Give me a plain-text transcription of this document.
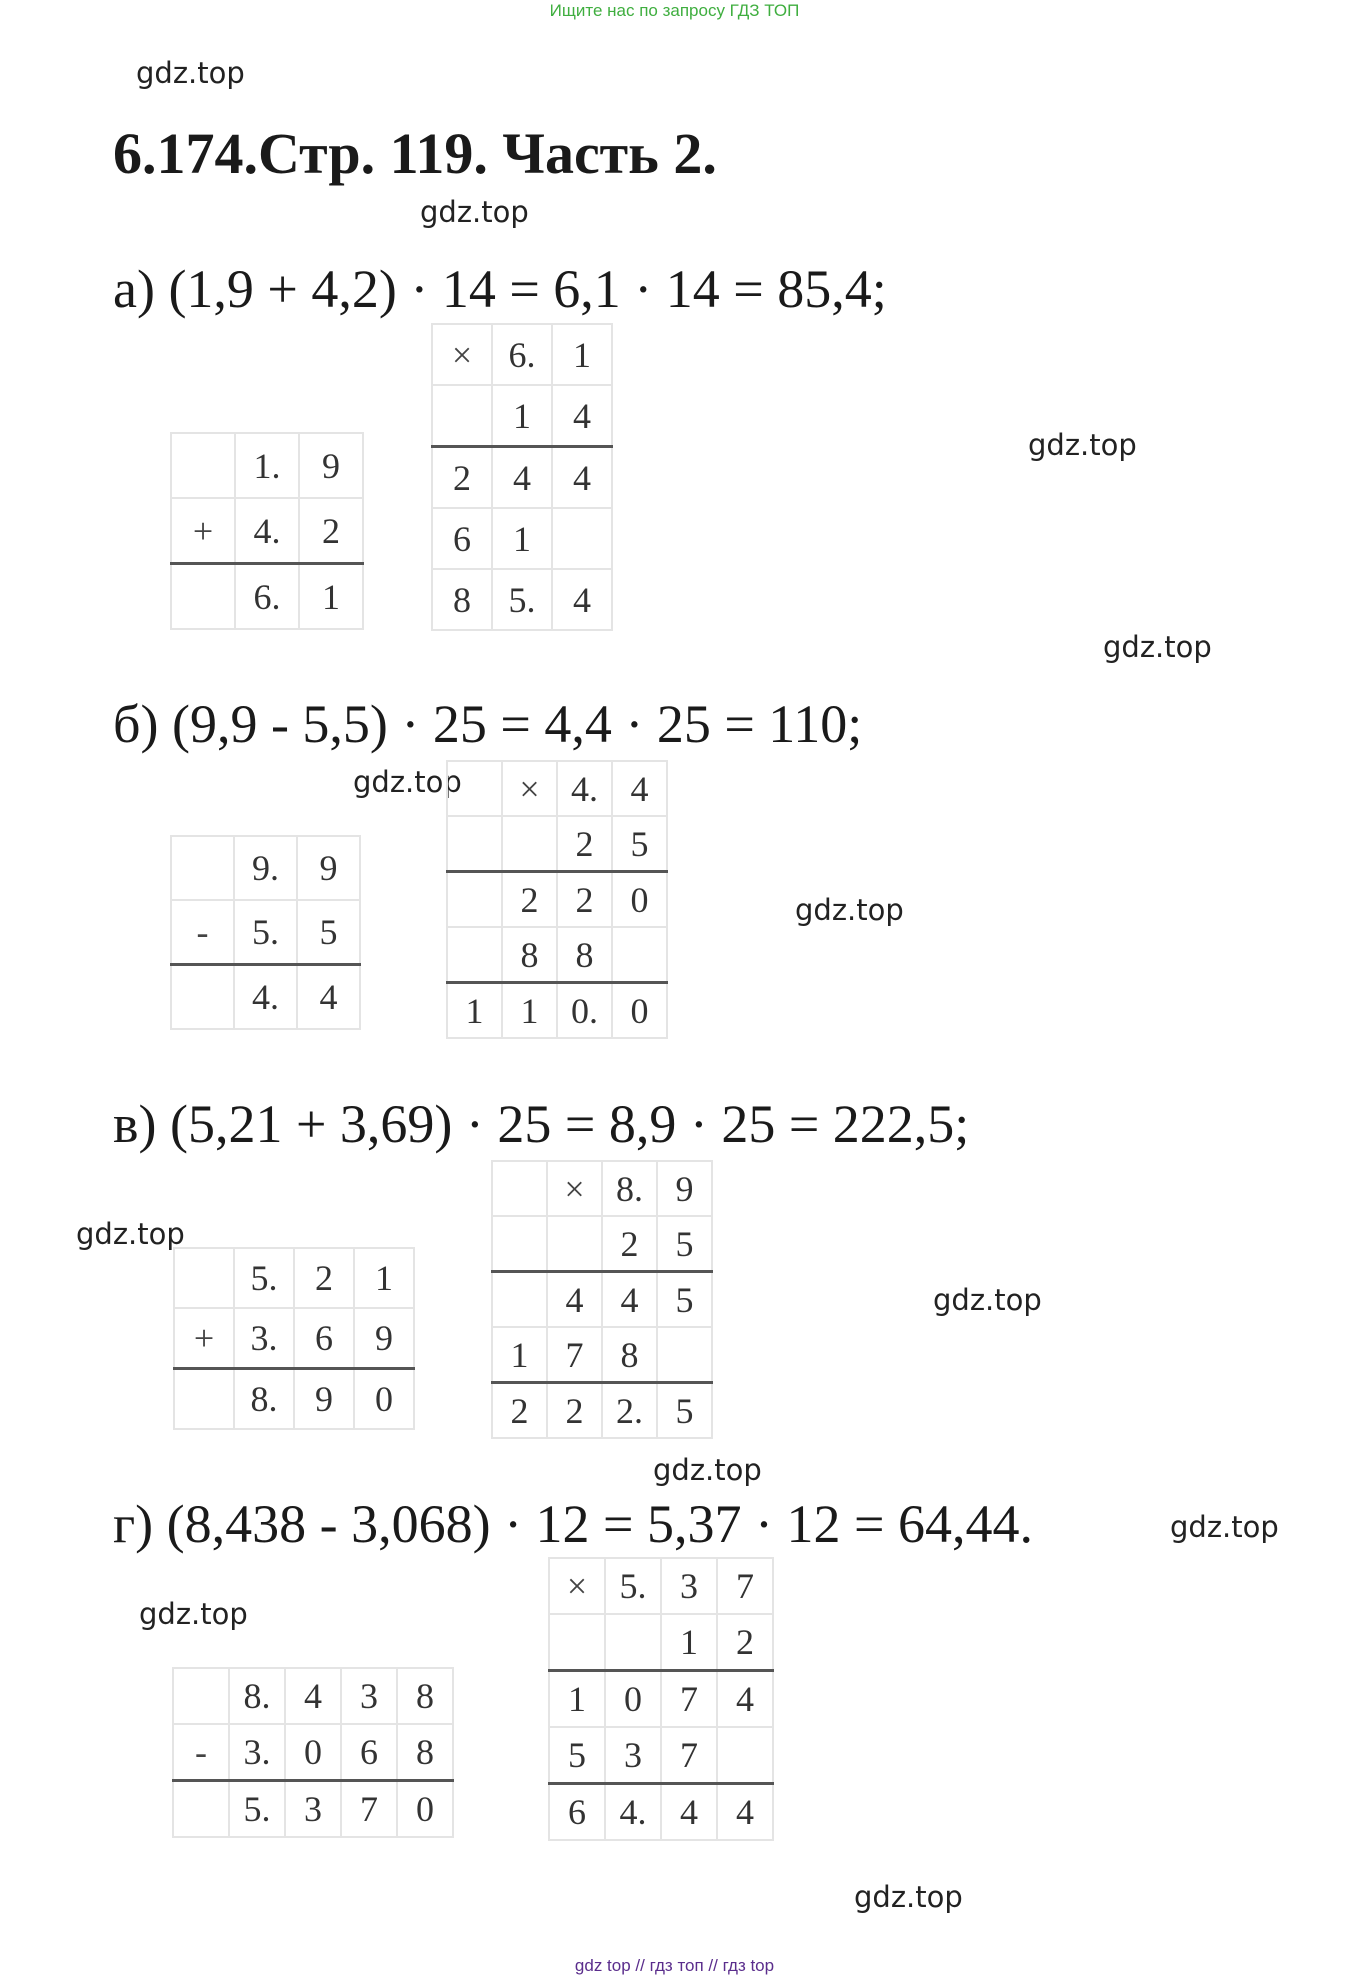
Ищите нас по запросу ГДЗ ТОП
gdz.top
6.174.Стр. 119. Часть 2.
gdz.top
а) (1,9 + 4,2) · 14 = 6,1 · 14 = 85,4;
	1.	9
+	4.	2
	6.	1
×	6.	1
	1	4
2	4	4
6	1	
8	5.	4
gdz.top
gdz.top
б) (9,9 - 5,5) · 25 = 4,4 · 25 = 110;
gdz.top
	9.	9
-	5.	5
	4.	4
	×	4.	4
		2	5
	2	2	0
	8	8	
1	1	0.	0
gdz.top
в) (5,21 + 3,69) · 25 = 8,9 · 25 = 222,5;
gdz.top
	5.	2	1
+	3.	6	9
	8.	9	0
	×	8.	9
		2	5
	4	4	5
1	7	8	
2	2	2.	5
gdz.top
gdz.top
г) (8,438 - 3,068) · 12 = 5,37 · 12 = 64,44.	gdz.top
gdz.top
	8.	4	3	8
-	3.	0	6	8
	5.	3	7	0
×	5.	3	7
		1	2
1	0	7	4
5	3	7	
6	4.	4	4
gdz.top
gdz top // гдз топ // гдз top
